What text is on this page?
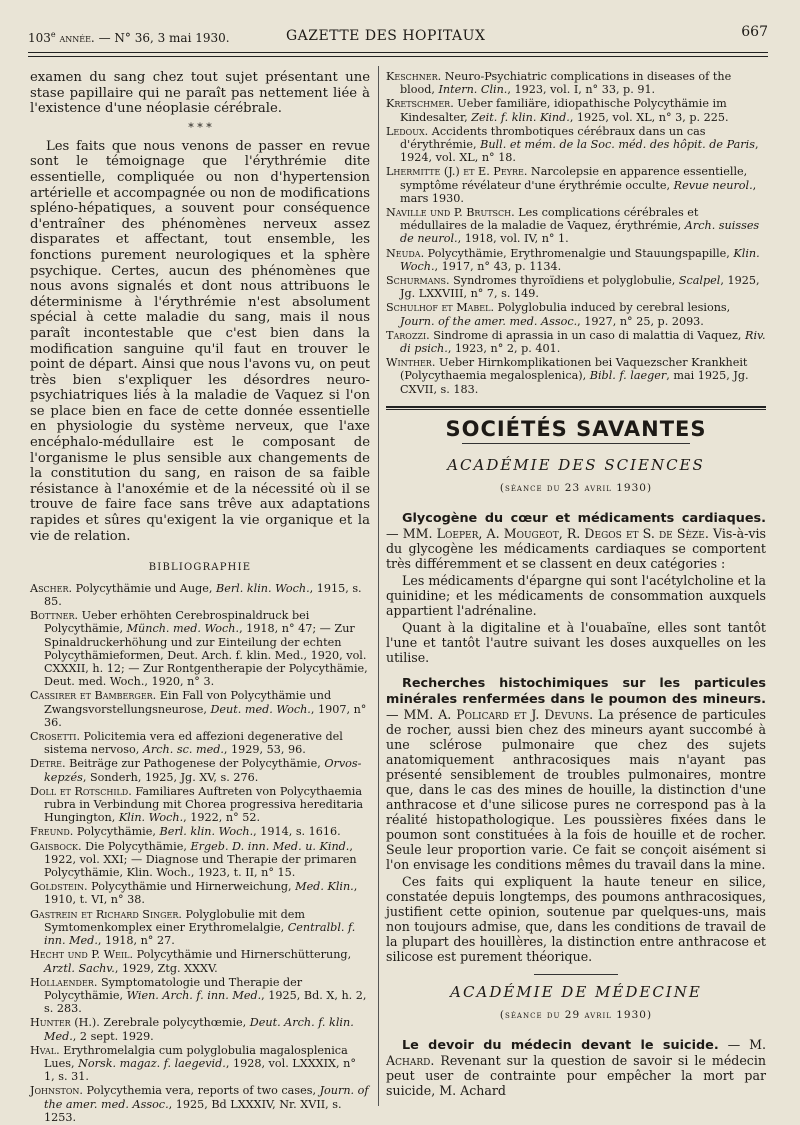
103e année. — N° 36, 3 mai 1930.	GAZETTE DES HOPITAUX	667

examen du sang chez tout sujet présentant une stase papillaire qui ne paraît pas nettement liée à l'existence d'une néoplasie cérébrale.

* * *

Les faits que nous venons de passer en revue sont le témoignage que l'érythrémie dite essentielle, compliquée ou non d'hypertension artérielle et accompagnée ou non de modifications spléno-hépatiques, a souvent pour conséquence d'entraîner des phénomènes nerveux assez disparates et affectant, tout ensemble, les fonctions purement neurologiques et la sphère psychique. Certes, aucun des phénomènes que nous avons signalés et dont nous attribuons le déterminisme à l'érythrémie n'est absolument spécial à cette maladie du sang, mais il nous paraît incontestable que c'est bien dans la modification sanguine qu'il faut en trouver le point de départ. Ainsi que nous l'avons vu, on peut très bien s'expliquer les désordres neuro-psychiatriques liés à la maladie de Vaquez si l'on se place bien en face de cette donnée essentielle en physiologie du système nerveux, que l'axe encéphalo-médullaire est le composant de l'organisme le plus sensible aux changements de la constitution du sang, en raison de sa faible résistance à l'anoxémie et de la nécessité où il se trouve de faire face sans trêve aux adaptations rapides et sûres qu'exigent la vie organique et la vie de relation.

BIBLIOGRAPHIE

Ascher. Polycythämie und Auge, Berl. klin. Woch., 1915, s. 85.

Bottner. Ueber erhöhten Cerebrospinaldruck bei Polycythämie, Münch. med. Woch., 1918, n° 47; — Zur Spinaldruckerhöhung und zur Einteilung der echten Polycythämieformen, Deut. Arch. f. klin. Med., 1920, vol. CXXXII, h. 12; — Zur Rontgentherapie der Polycythämie, Deut. med. Woch., 1920, n° 3.

Cassirer et Bamberger. Ein Fall von Polycythämie und Zwangsvorstellungsneurose, Deut. med. Woch., 1907, n° 36.

Crosetti. Policitemia vera ed affezioni degenerative del sistema nervoso, Arch. sc. med., 1929, 53, 96.

Detre. Beiträge zur Pathogenese der Polycythämie, Orvos-kepzés, Sonderh, 1925, Jg. XV, s. 276.

Doll et Rotschild. Familiares Auftreten von Polycythaemia rubra in Verbindung mit Chorea progressiva hereditaria Hungington, Klin. Woch., 1922, n° 52.

Freund. Polycythämie, Berl. klin. Woch., 1914, s. 1616.

Gaisbock. Die Polycythämie, Ergeb. D. inn. Med. u. Kind., 1922, vol. XXI; — Diagnose und Therapie der primaren Polycythämie, Klin. Woch., 1923, t. II, n° 15.

Goldstein. Polycythämie und Hirnerweichung, Med. Klin., 1910, t. VI, n° 38.

Gastrein et Richard Singer. Polyglobulie mit dem Symtomenkomplex einer Erythromelalgie, Centralbl. f. inn. Med., 1918, n° 27.

Hecht und P. Weil. Polycythämie und Hirnerschütterung, Arztl. Sachv., 1929, Ztg. XXXV.

Hollaender. Symptomatologie und Therapie der Polycythämie, Wien. Arch. f. inn. Med., 1925, Bd. X, h. 2, s. 283.

Hunter (H.). Zerebrale polycythœmie, Deut. Arch. f. klin. Med., 2 sept. 1929.

Hval. Erythromelalgia cum polyglobulia magalosplenica Lues, Norsk. magaz. f. laegevid., 1928, vol. LXXXIX, n° 1, s. 31.

Johnston. Polycythemia vera, reports of two cases, Journ. of the amer. med. Assoc., 1925, Bd LXXXIV, Nr. XVII, s. 1253.

Keschner. Neuro-Psychiatric complications in diseases of the blood, Intern. Clin., 1923, vol. I, n° 33, p. 91.

Kretschmer. Ueber familiäre, idiopathische Polycythämie im Kindesalter, Zeit. f. klin. Kind., 1925, vol. XL, n° 3, p. 225.

Ledoux. Accidents thrombotiques cérébraux dans un cas d'érythrémie, Bull. et mém. de la Soc. méd. des hôpit. de Paris, 1924, vol. XL, n° 18.

Lhermitte (J.) et E. Peyre. Narcolepsie en apparence essentielle, symptôme révélateur d'une érythrémie occulte, Revue neurol., mars 1930.

Naville und P. Brutsch. Les complications cérébrales et médullaires de la maladie de Vaquez, érythrémie, Arch. suisses de neurol., 1918, vol. IV, n° 1.

Neuda. Polycythämie, Erythromenalgie und Stauungspapille, Klin. Woch., 1917, n° 43, p. 1134.

Schurmans. Syndromes thyroïdiens et polyglobulie, Scalpel, 1925, Jg. LXXVIII, n° 7, s. 149.

Schulhof et Mabel. Polyglobulia induced by cerebral lesions, Journ. of the amer. med. Assoc., 1927, n° 25, p. 2093.

Tarozzi. Sindrome di aprassia in un caso di malattia di Vaquez, Riv. di psich., 1923, n° 2, p. 401.

Winther. Ueber Hirnkomplikationen bei Vaquezscher Krankheit (Polycythaemia megalosplenica), Bibl. f. laeger, mai 1925, Jg. CXVII, s. 183.

SOCIÉTÉS SAVANTES
ACADÉMIE DES SCIENCES
(séance du 23 avril 1930)

Glycogène du cœur et médicaments cardiaques. — MM. Loeper, A. Mougeot, R. Degos et S. de Sèze. Vis-à-vis du glycogène les médicaments cardiaques se comportent très différemment et se classent en deux catégories :

Les médicaments d'épargne qui sont l'acétylcholine et la quinidine; et les médicaments de consommation auxquels appartient l'adrénaline.

Quant à la digitaline et à l'ouabaïne, elles sont tantôt l'une et tantôt l'autre suivant les doses auxquelles on les utilise.

Recherches histochimiques sur les particules minérales renfermées dans le poumon des mineurs. — MM. A. Policard et J. Devuns. La présence de particules de rocher, aussi bien chez des mineurs ayant succombé à une sclérose pulmonaire que chez des sujets anatomiquement anthracosiques mais n'ayant pas présenté sensiblement de troubles pulmonaires, montre que, dans le cas des mines de houille, la distinction d'une anthracose et d'une silicose pures ne correspond pas à la réalité histopathologique. Les poussières fixées dans le poumon sont constituées à la fois de houille et de rocher. Seule leur proportion varie. Ce fait se conçoit aisément si l'on envisage les conditions mêmes du travail dans la mine.

Ces faits qui expliquent la haute teneur en silice, constatée depuis longtemps, des poumons anthracosiques, justifient cette opinion, soutenue par quelques-uns, mais non toujours admise, que, dans les conditions de travail de la plupart des houillères, la distinction entre anthracose et silicose est purement théorique.

ACADÉMIE DE MÉDECINE
(séance du 29 avril 1930)

Le devoir du médecin devant le suicide. — M. Achard. Revenant sur la question de savoir si le médecin peut user de contrainte pour empêcher la mort par suicide, M. Achard
